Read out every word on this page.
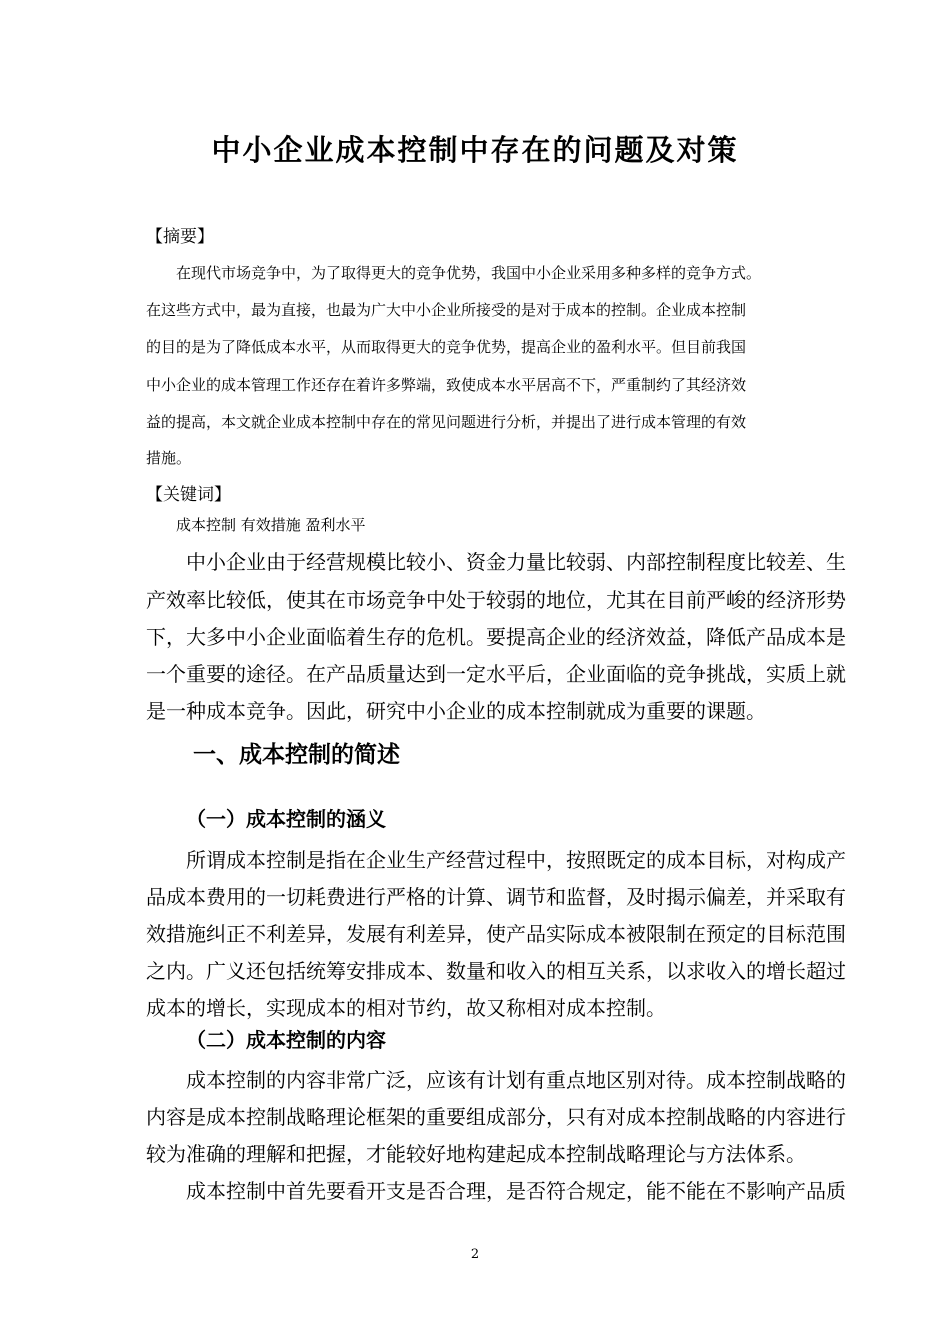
中小企业成本控制中存在的问题及对策
【摘要】
　　在现代市场竞争中，为了取得更大的竞争优势，我国中小企业采用多种多样的竞争方式。
在这些方式中，最为直接，也最为广大中小企业所接受的是对于成本的控制。企业成本控制
的目的是为了降低成本水平，从而取得更大的竞争优势，提高企业的盈利水平。但目前我国
中小企业的成本管理工作还存在着许多弊端，致使成本水平居高不下，严重制约了其经济效
益的提高，本文就企业成本控制中存在的常见问题进行分析，并提出了进行成本管理的有效
措施。
【关键词】
　　成本控制 有效措施 盈利水平
　　中小企业由于经营规模比较小、资金力量比较弱、内部控制程度比较差、生
产效率比较低，使其在市场竞争中处于较弱的地位，尤其在目前严峻的经济形势
下，大多中小企业面临着生存的危机。要提高企业的经济效益，降低产品成本是
一个重要的途径。在产品质量达到一定水平后，企业面临的竞争挑战，实质上就
是一种成本竞争。因此，研究中小企业的成本控制就成为重要的课题。
一、成本控制的简述
（一）成本控制的涵义
　　所谓成本控制是指在企业生产经营过程中，按照既定的成本目标，对构成产
品成本费用的一切耗费进行严格的计算、调节和监督，及时揭示偏差，并采取有
效措施纠正不利差异，发展有利差异，使产品实际成本被限制在预定的目标范围
之内。广义还包括统筹安排成本、数量和收入的相互关系，以求收入的增长超过
成本的增长，实现成本的相对节约，故又称相对成本控制。
（二）成本控制的内容
　　成本控制的内容非常广泛，应该有计划有重点地区别对待。成本控制战略的
内容是成本控制战略理论框架的重要组成部分，只有对成本控制战略的内容进行
较为准确的理解和把握，才能较好地构建起成本控制战略理论与方法体系。
　　成本控制中首先要看开支是否合理，是否符合规定，能不能在不影响产品质
2
